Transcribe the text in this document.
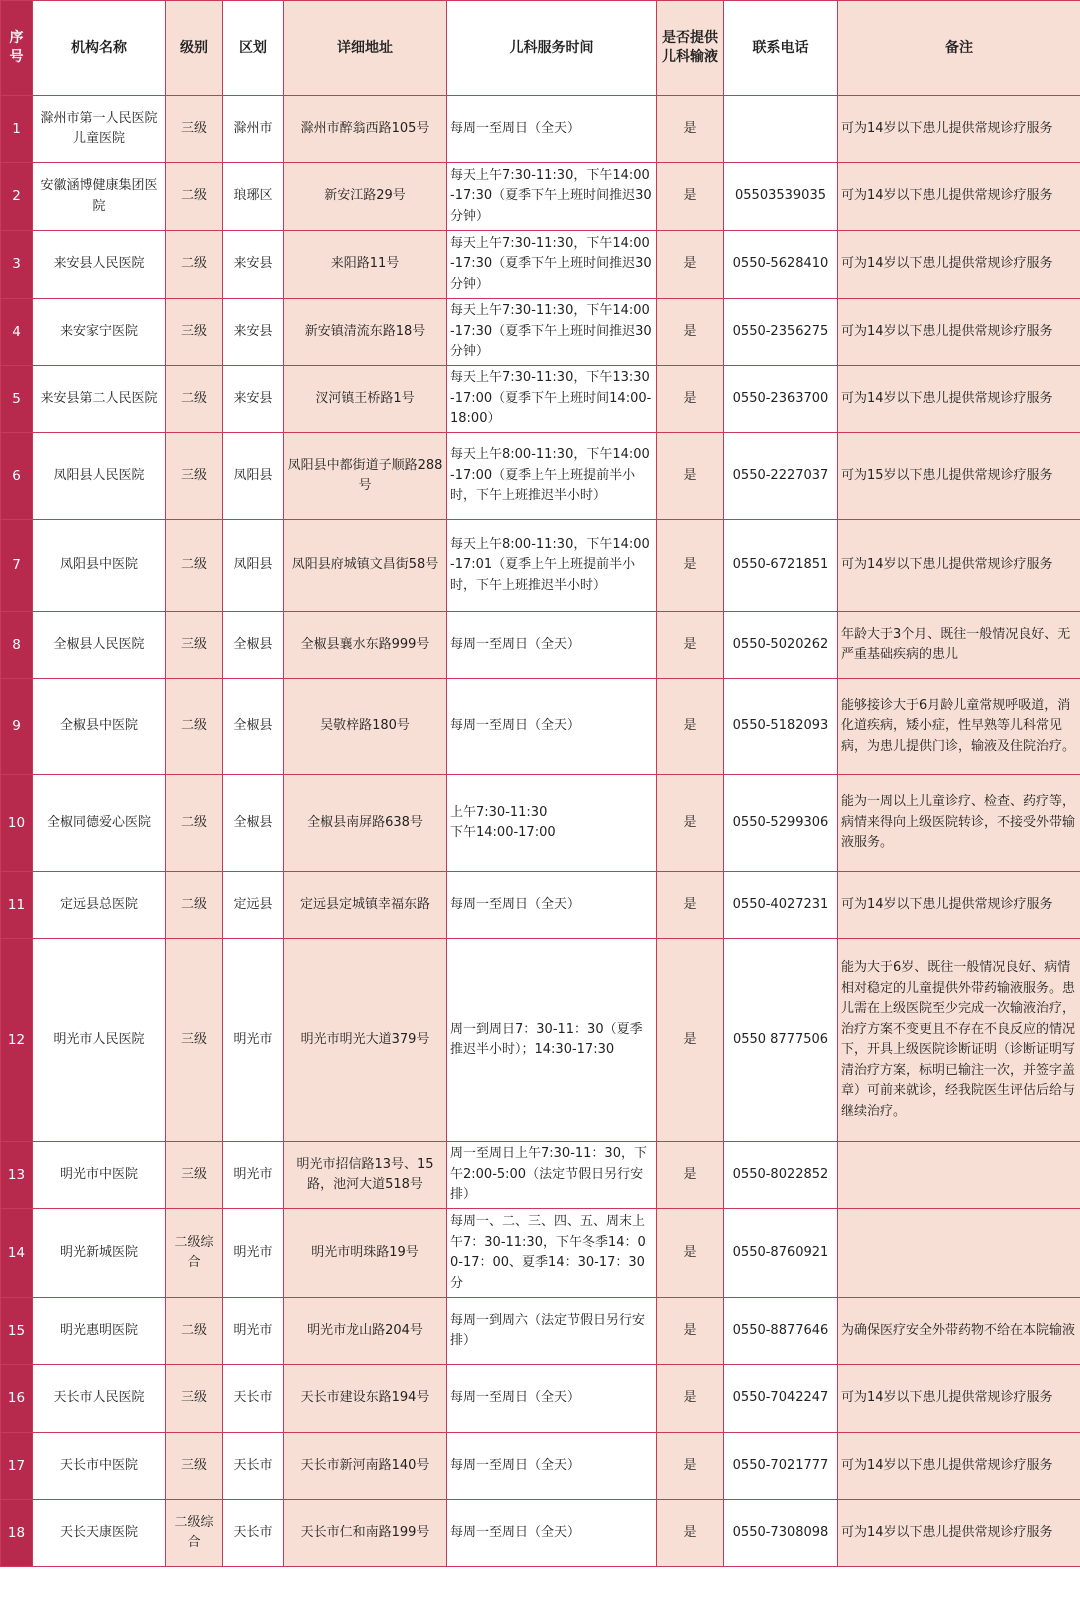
序号	机构名称	级别	区划	详细地址	儿科服务时间	是否提供儿科输液	联系电话	备注
1	滁州市第一人民医院儿童医院	三级	滁州市	滁州市醉翁西路105号	每周一至周日（全天）	是		可为14岁以下患儿提供常规诊疗服务
2	安徽涵博健康集团医院	二级	琅琊区	新安江路29号	每天上午7:30-11:30，下午14:00-17:30（夏季下午上班时间推迟30分钟）	是	05503539035	可为14岁以下患儿提供常规诊疗服务
3	来安县人民医院	二级	来安县	来阳路11号	每天上午7:30-11:30，下午14:00-17:30（夏季下午上班时间推迟30分钟）	是	0550-5628410	可为14岁以下患儿提供常规诊疗服务
4	来安家宁医院	三级	来安县	新安镇清流东路18号	每天上午7:30-11:30，下午14:00-17:30（夏季下午上班时间推迟30分钟）	是	0550-2356275	可为14岁以下患儿提供常规诊疗服务
5	来安县第二人民医院	二级	来安县	汊河镇王桥路1号	每天上午7:30-11:30，下午13:30-17:00（夏季下午上班时间14:00-18:00）	是	0550-2363700	可为14岁以下患儿提供常规诊疗服务
6	凤阳县人民医院	三级	凤阳县	凤阳县中都街道子顺路288号	每天上午8:00-11:30，下午14:00-17:00（夏季上午上班提前半小时，下午上班推迟半小时）	是	0550-2227037	可为15岁以下患儿提供常规诊疗服务
7	凤阳县中医院	二级	凤阳县	凤阳县府城镇文昌街58号	每天上午8:00-11:30，下午14:00-17:01（夏季上午上班提前半小时，下午上班推迟半小时）	是	0550-6721851	可为14岁以下患儿提供常规诊疗服务
8	全椒县人民医院	三级	全椒县	全椒县襄水东路999号	每周一至周日（全天）	是	0550-5020262	年龄大于3个月、既往一般情况良好、无严重基础疾病的患儿
9	全椒县中医院	二级	全椒县	吴敬梓路180号	每周一至周日（全天）	是	0550-5182093	能够接诊大于6月龄儿童常规呼吸道，消化道疾病，矮小症，性早熟等儿科常见病，为患儿提供门诊，输液及住院治疗。
10	全椒同德爱心医院	二级	全椒县	全椒县南屏路638号	上午7:30-11:30
下午14:00-17:00	是	0550-5299306	能为一周以上儿童诊疗、检查、药疗等，病情来得向上级医院转诊，不接受外带输液服务。
11	定远县总医院	二级	定远县	定远县定城镇幸福东路	每周一至周日（全天）	是	0550-4027231	可为14岁以下患儿提供常规诊疗服务
12	明光市人民医院	三级	明光市	明光市明光大道379号	周一到周日7：30-11：30（夏季推迟半小时）；14:30-17:30	是	0550 8777506	能为大于6岁、既往一般情况良好、病情相对稳定的儿童提供外带药输液服务。患儿需在上级医院至少完成一次输液治疗，治疗方案不变更且不存在不良反应的情况下，开具上级医院诊断证明（诊断证明写清治疗方案，标明已输注一次，并签字盖章）可前来就诊，经我院医生评估后给与继续治疗。
13	明光市中医院	三级	明光市	明光市招信路13号、15路，池河大道518号	周一至周日上午7:30-11：30，下午2:00-5:00（法定节假日另行安排）	是	0550-8022852	
14	明光新城医院	二级综合	明光市	明光市明珠路19号	每周一、二、三、四、五、周末上午7：30-11:30，下午冬季14：00-17：00、夏季14：30-17：30分	是	0550-8760921	
15	明光惠明医院	二级	明光市	明光市龙山路204号	每周一到周六（法定节假日另行安排）	是	0550-8877646	为确保医疗安全外带药物不给在本院输液
16	天长市人民医院	三级	天长市	天长市建设东路194号	每周一至周日（全天）	是	0550-7042247	可为14岁以下患儿提供常规诊疗服务
17	天长市中医院	三级	天长市	天长市新河南路140号	每周一至周日（全天）	是	0550-7021777	可为14岁以下患儿提供常规诊疗服务
18	天长天康医院	二级综合	天长市	天长市仁和南路199号	每周一至周日（全天）	是	0550-7308098	可为14岁以下患儿提供常规诊疗服务
